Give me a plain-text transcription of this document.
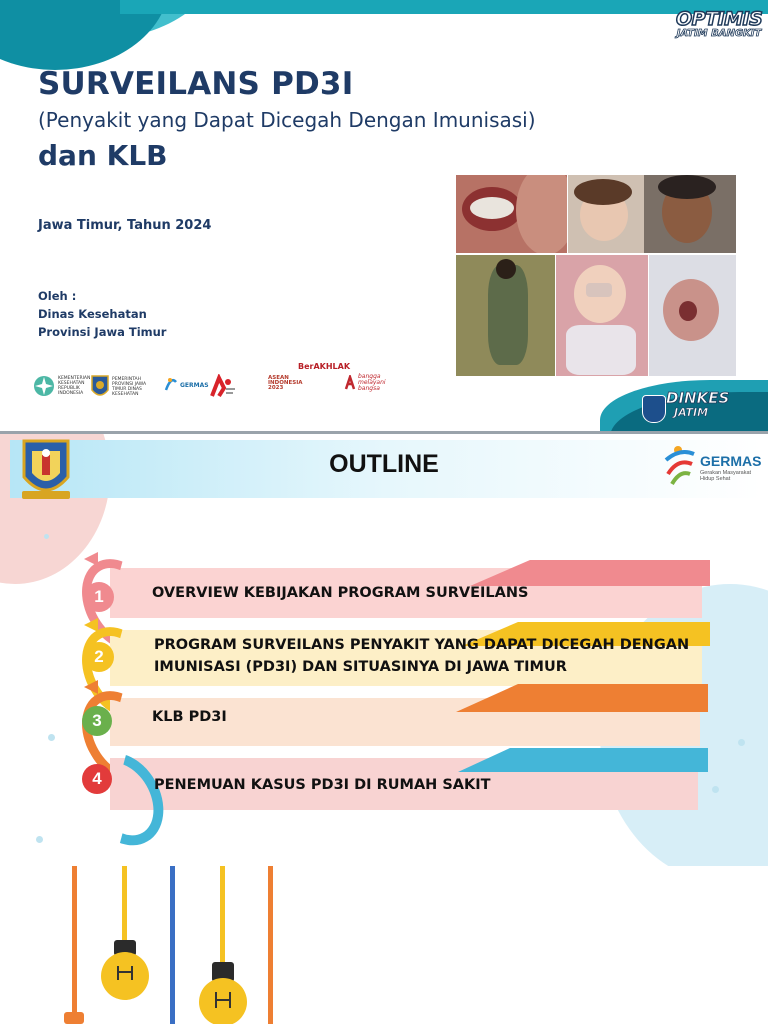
OPTIMIS
JATIM BANGKIT
SURVEILANS PD3I
(Penyakit yang Dapat Dicegah Dengan Imunisasi)
dan KLB
Jawa Timur, Tahun 2024
Oleh :
Dinas Kesehatan
Provinsi Jawa Timur
KEMENTERIAN KESEHATAN REPUBLIK INDONESIA
PEMERINTAH PROVINSI JAWA TIMUR DINAS KESEHATAN
GERMAS
ASEAN INDONESIA 2023
BerAKHLAK
bangga melayani bangsa
DINKES
JATIM
OUTLINE	GERMAS
Gerakan Masyarakat Hidup Sehat
1	OVERVIEW KEBIJAKAN PROGRAM SURVEILANS
2
PROGRAM SURVEILANS PENYAKIT YANG DAPAT DICEGAH DENGAN IMUNISASI (PD3I) DAN SITUASINYA DI JAWA TIMUR
3	KLB PD3I
4	PENEMUAN KASUS PD3I DI RUMAH SAKIT
